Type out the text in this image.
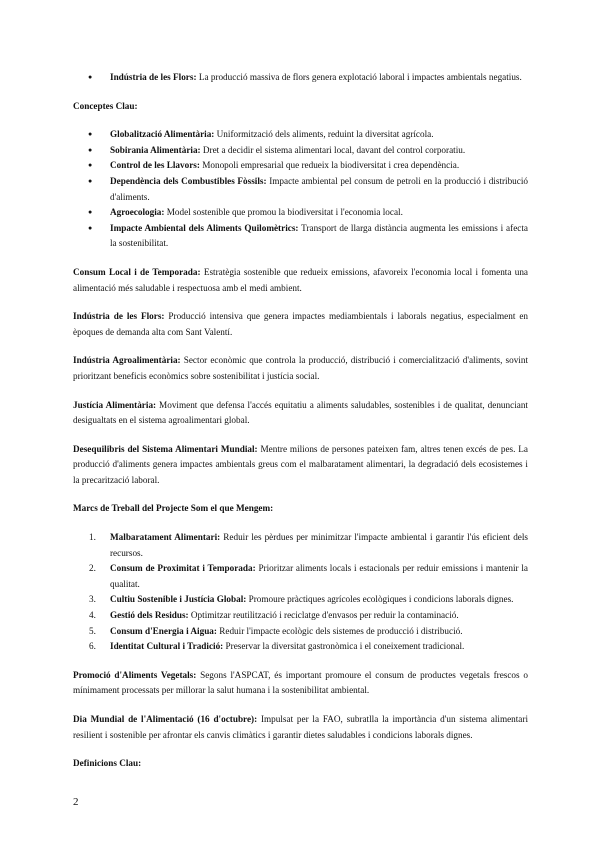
● Indústria de les Flors: La producció massiva de flors genera explotació laboral i impactes ambientals negatius.

Conceptes Clau:

● Globalització Alimentària: Uniformització dels aliments, reduint la diversitat agrícola.
● Sobirania Alimentària: Dret a decidir el sistema alimentari local, davant del control corporatiu.
● Control de les Llavors: Monopoli empresarial que redueix la biodiversitat i crea dependència.
● Dependència dels Combustibles Fòssils: Impacte ambiental pel consum de petroli en la producció i distribució d'aliments.
● Agroecologia: Model sostenible que promou la biodiversitat i l'economia local.
● Impacte Ambiental dels Aliments Quilomètrics: Transport de llarga distància augmenta les emissions i afecta la sostenibilitat.

Consum Local i de Temporada: Estratègia sostenible que redueix emissions, afavoreix l'economia local i fomenta una alimentació més saludable i respectuosa amb el medi ambient.

Indústria de les Flors: Producció intensiva que genera impactes mediambientals i laborals negatius, especialment en èpoques de demanda alta com Sant Valentí.

Indústria Agroalimentària: Sector econòmic que controla la producció, distribució i comercialització d'aliments, sovint prioritzant beneficis econòmics sobre sostenibilitat i justícia social.

Justícia Alimentària: Moviment que defensa l'accés equitatiu a aliments saludables, sostenibles i de qualitat, denunciant desigualtats en el sistema agroalimentari global.

Desequilibris del Sistema Alimentari Mundial: Mentre milions de persones pateixen fam, altres tenen excés de pes. La producció d'aliments genera impactes ambientals greus com el malbaratament alimentari, la degradació dels ecosistemes i la precarització laboral.

Marcs de Treball del Projecte Som el que Mengem:

1. Malbaratament Alimentari: Reduir les pèrdues per minimitzar l'impacte ambiental i garantir l'ús eficient dels recursos.
2. Consum de Proximitat i Temporada: Prioritzar aliments locals i estacionals per reduir emissions i mantenir la qualitat.
3. Cultiu Sostenible i Justícia Global: Promoure pràctiques agrícoles ecològiques i condicions laborals dignes.
4. Gestió dels Residus: Optimitzar reutilització i reciclatge d'envasos per reduir la contaminació.
5. Consum d'Energia i Aigua: Reduir l'impacte ecològic dels sistemes de producció i distribució.
6. Identitat Cultural i Tradició: Preservar la diversitat gastronòmica i el coneixement tradicional.

Promoció d'Aliments Vegetals: Segons l'ASPCAT, és important promoure el consum de productes vegetals frescos o mínimament processats per millorar la salut humana i la sostenibilitat ambiental.

Dia Mundial de l'Alimentació (16 d'octubre): Impulsat per la FAO, subratlla la importància d'un sistema alimentari resilient i sostenible per afrontar els canvis climàtics i garantir dietes saludables i condicions laborals dignes.

Definicions Clau:

2
